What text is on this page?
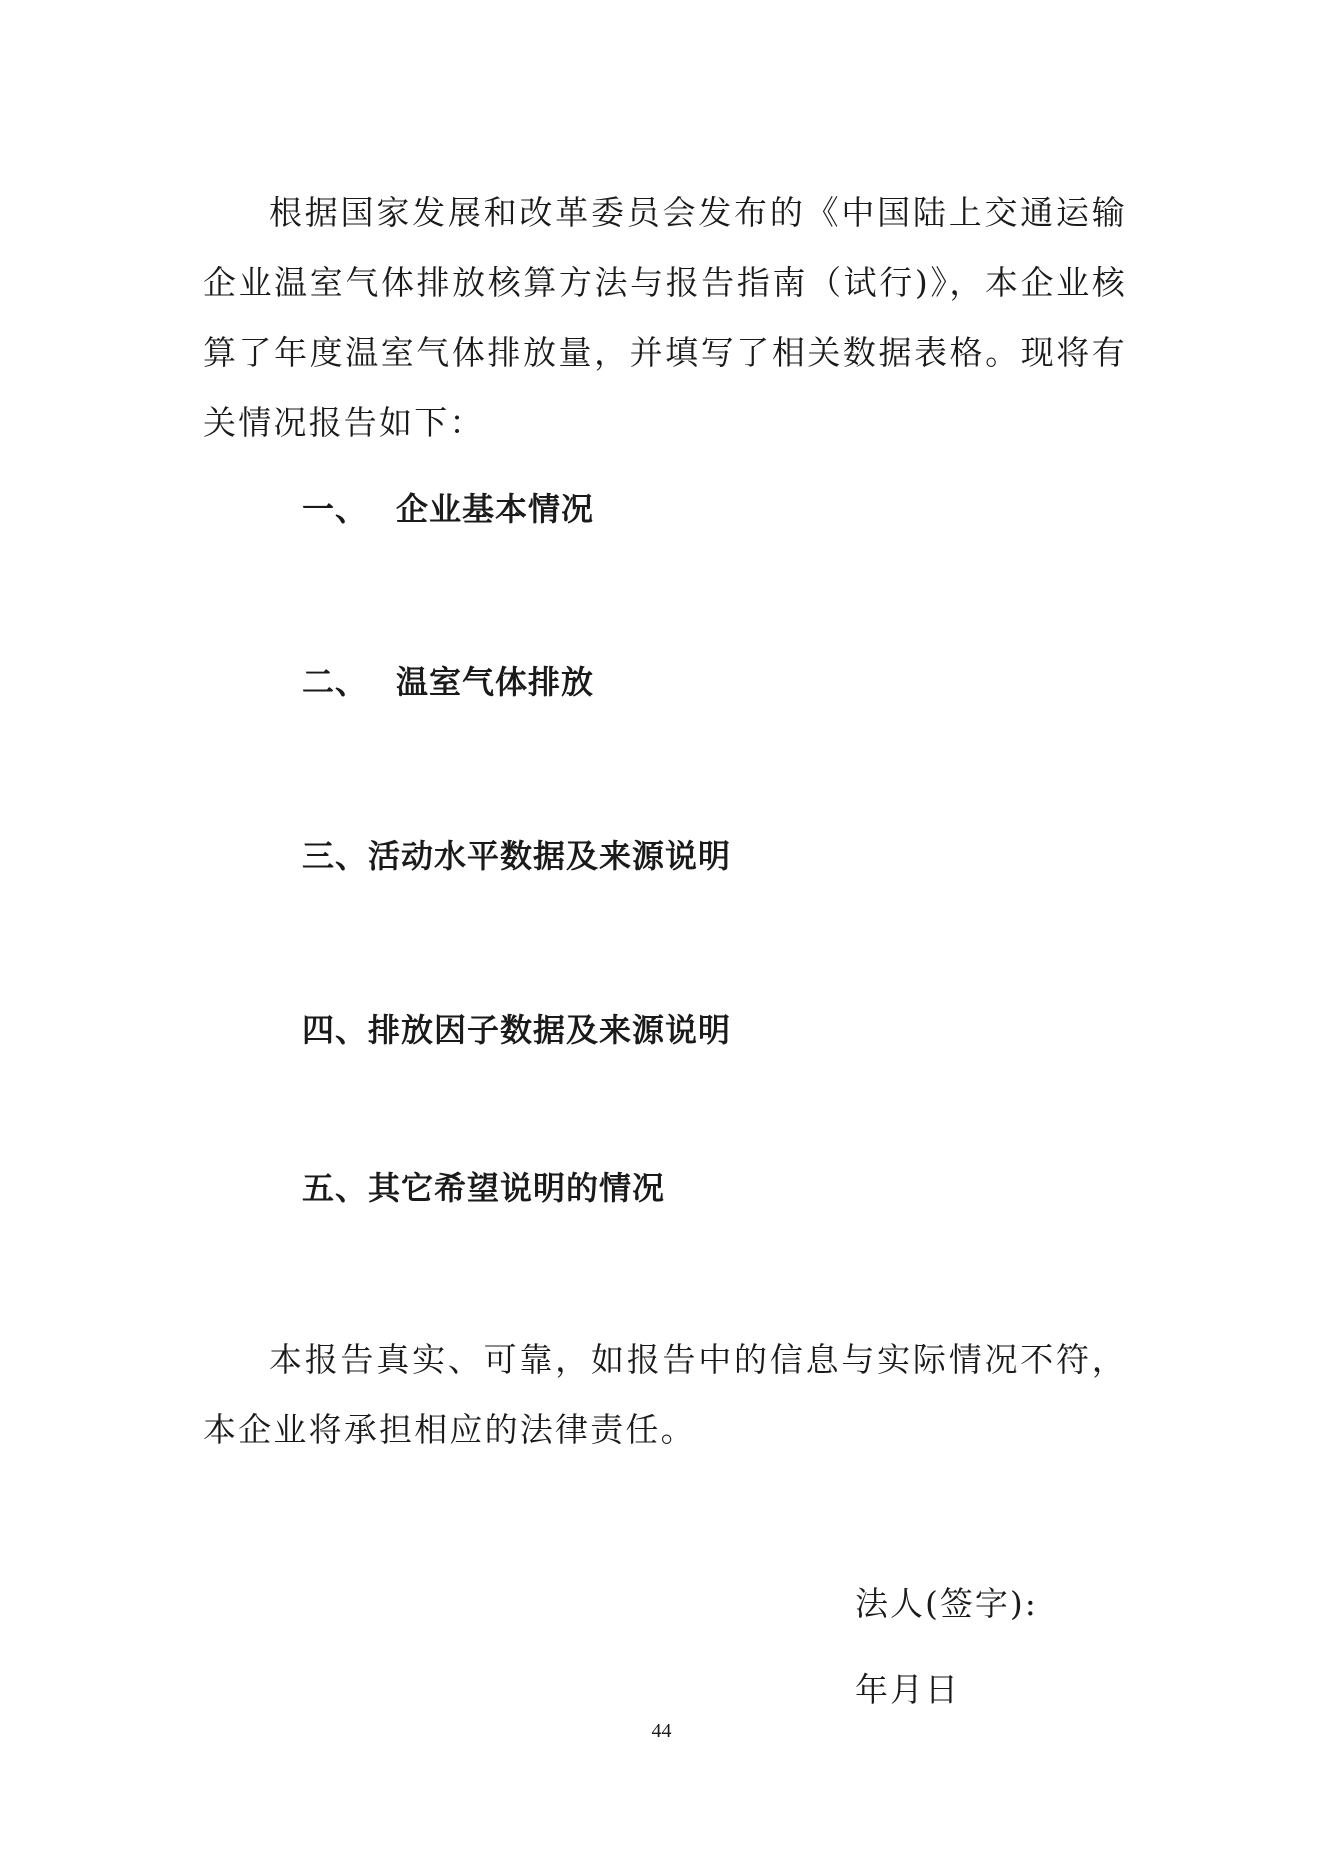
根据国家发展和改革委员会发布的《中国陆上交通运输企业温室气体排放核算方法与报告指南（试行)》，本企业核算了年度温室气体排放量，并填写了相关数据表格。现将有关情况报告如下：

一、 企业基本情况
二、 温室气体排放
三、活动水平数据及来源说明
四、排放因子数据及来源说明
五、其它希望说明的情况

本报告真实、可靠，如报告中的信息与实际情况不符，本企业将承担相应的法律责任。

法人(签字):

年月日

44
